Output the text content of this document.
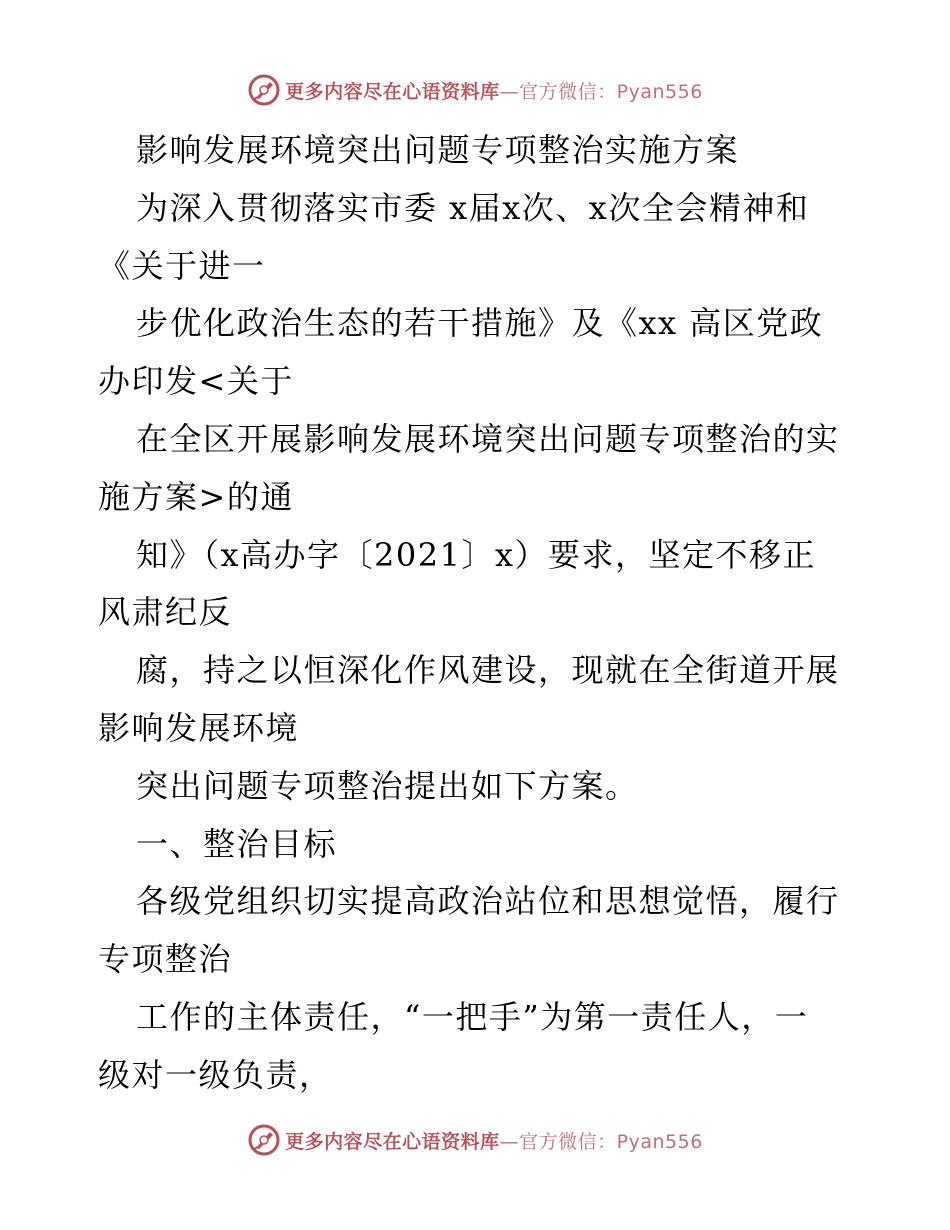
更多内容尽在心语资料库—官方微信：Pyan556
影响发展环境突出问题专项整治实施方案
为深入贯彻落实市委 x届x次、x次全会精神和
《关于进一
步优化政治生态的若干措施》及《xx 高区党政
办印发<关于
在全区开展影响发展环境突出问题专项整治的实
施方案>的通
知》（x高办字〔2021〕x）要求，坚定不移正
风肃纪反
腐，持之以恒深化作风建设，现就在全街道开展
影响发展环境
突出问题专项整治提出如下方案。
一、整治目标
各级党组织切实提高政治站位和思想觉悟，履行
专项整治
工作的主体责任，“一把手”为第一责任人，一
级对一级负责，
更多内容尽在心语资料库—官方微信：Pyan556
